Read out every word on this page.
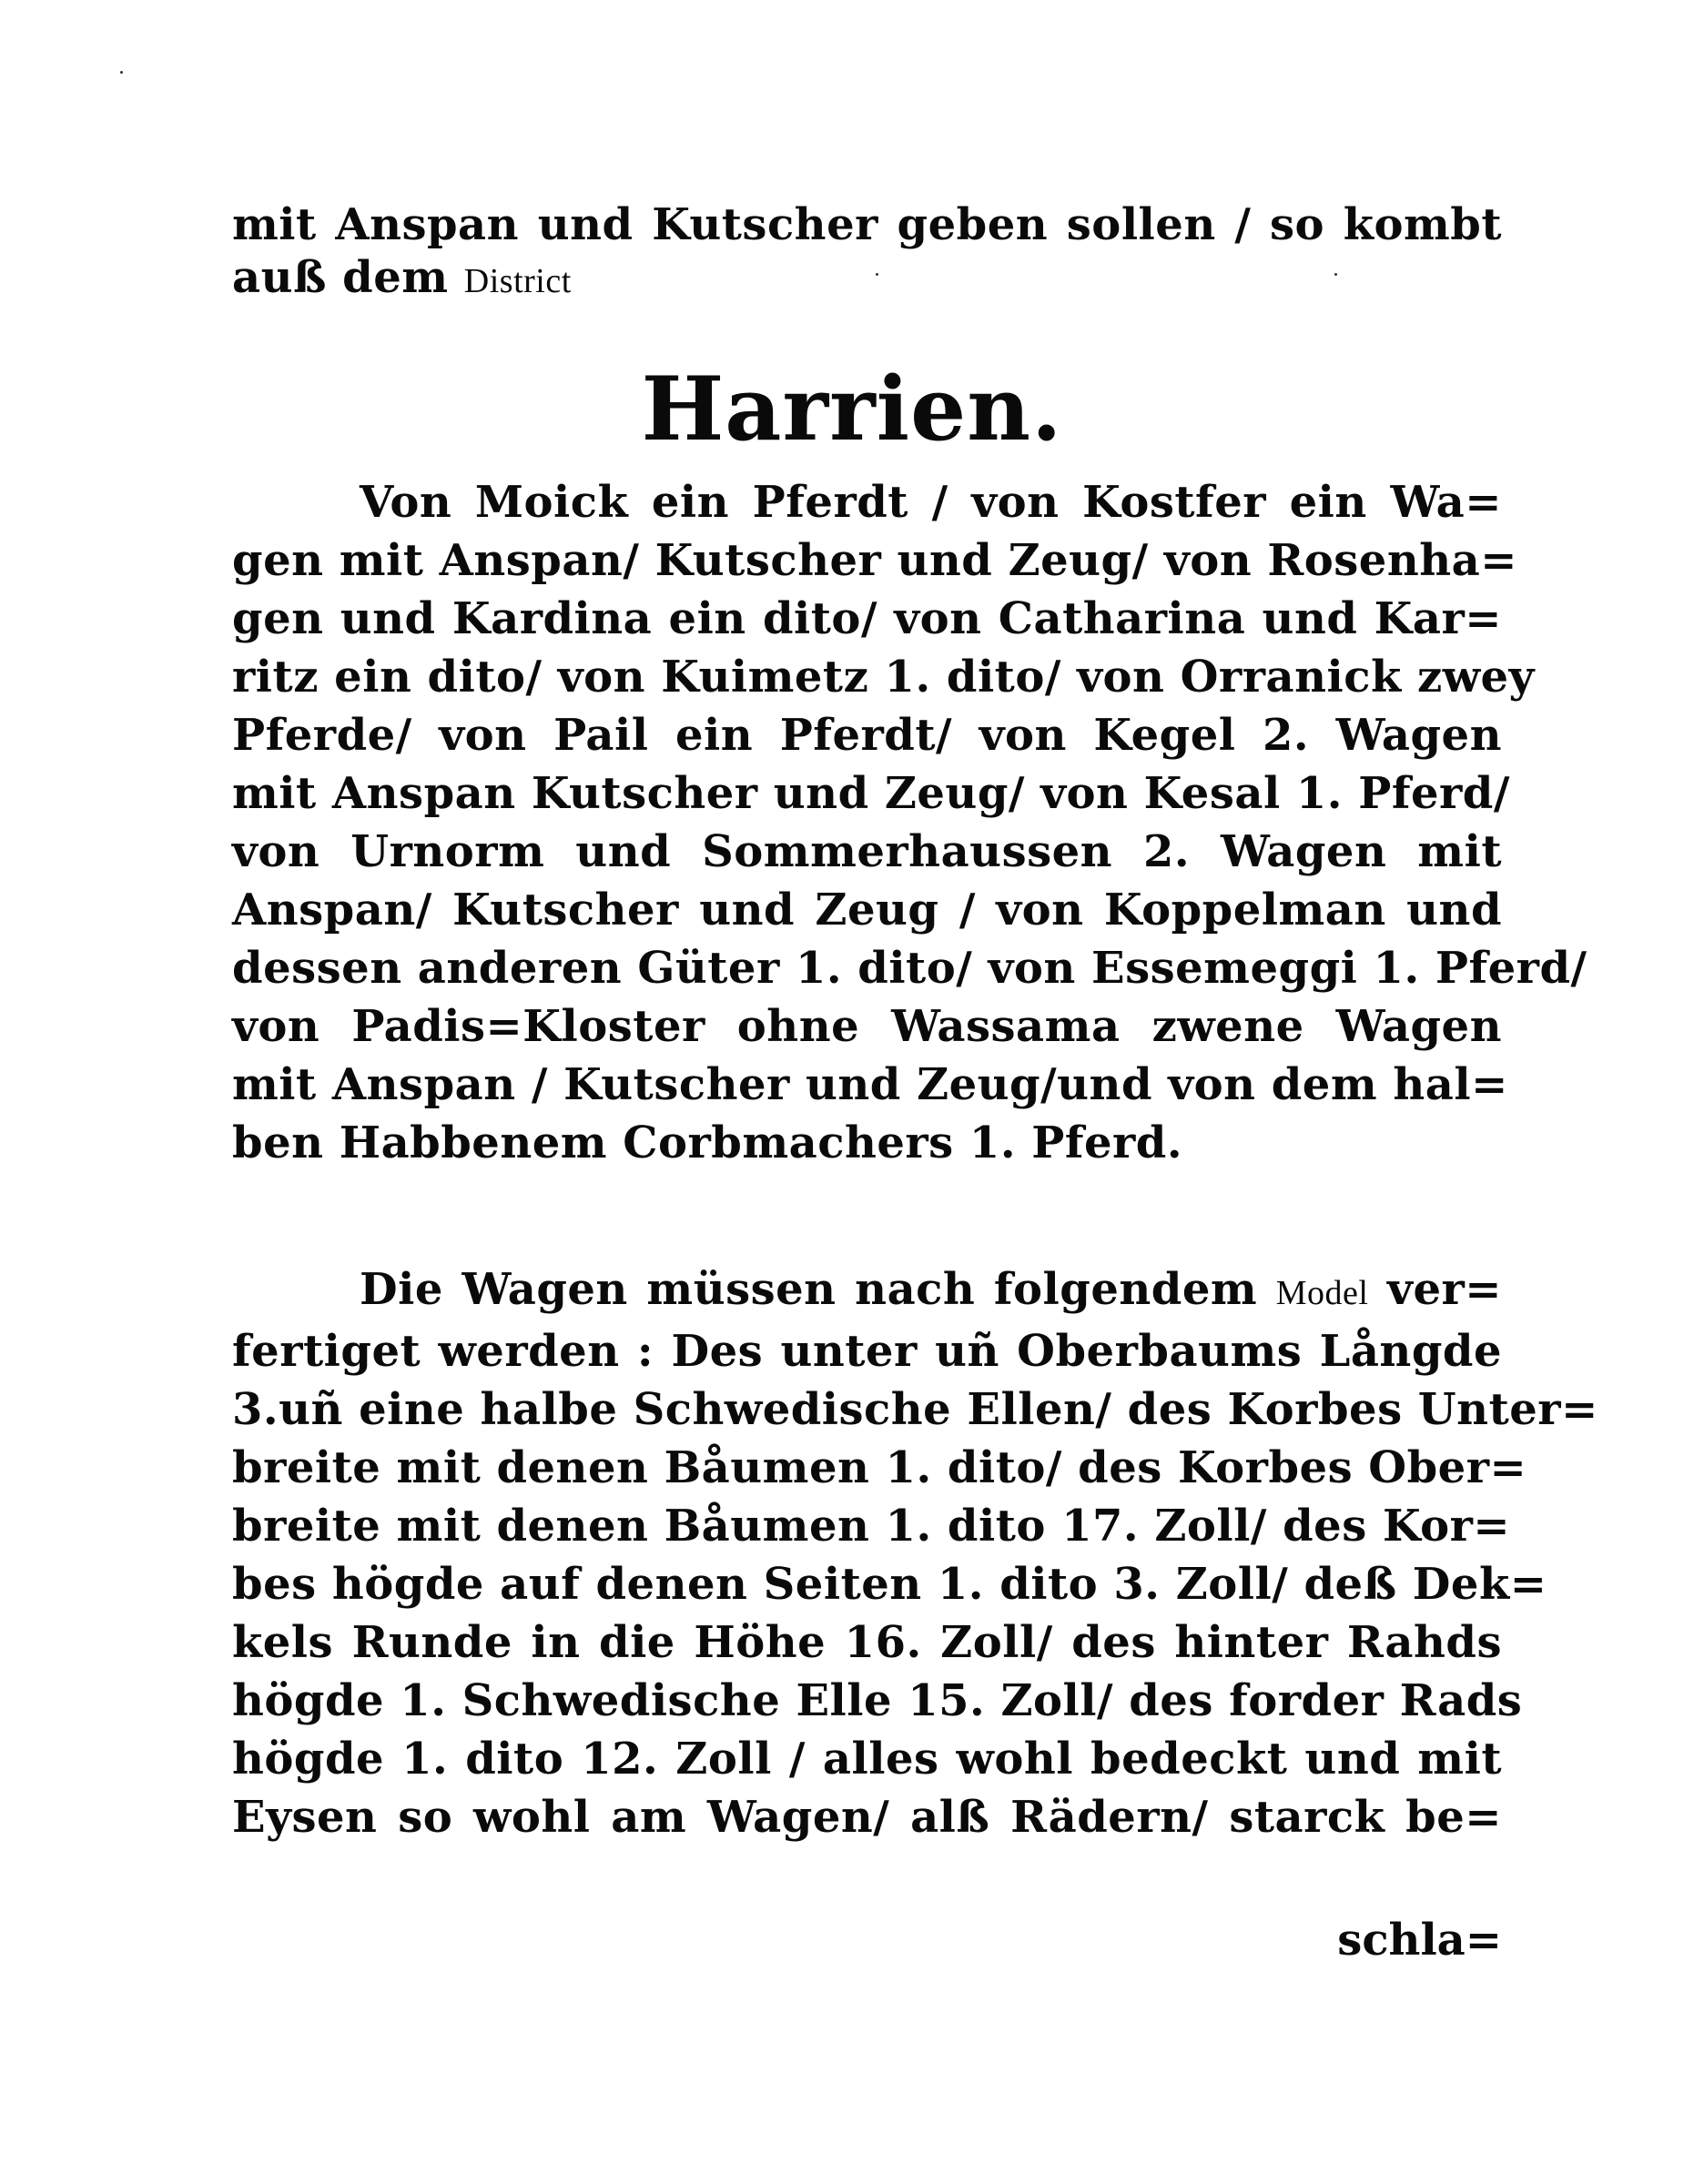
mit Anspan und Kutscher geben sollen / so kombt
auß dem District
Harrien.
Von Moick ein Pferdt / von Kostfer ein Wa=
gen mit Anspan/ Kutscher und Zeug/ von Rosenha=
gen und Kardina ein dito/ von Catharina und Kar=
ritz ein dito/ von Kuimetz 1. dito/ von Orranick zwey
Pferde/ von Pail ein Pferdt/ von Kegel 2. Wagen
mit Anspan Kutscher und Zeug/ von Kesal 1. Pferd/
von Urnorm und Sommerhaussen 2. Wagen mit
Anspan/ Kutscher und Zeug / von Koppelman und
dessen anderen Güter 1. dito/ von Essemeggi 1. Pferd/
von Padis=Kloster ohne Wassama zwene Wagen
mit Anspan / Kutscher und Zeug/und von dem hal=
ben Habbenem Corbmachers 1. Pferd.
Die Wagen müssen nach folgendem Model ver=
fertiget werden : Des unter uñ Oberbaums Långde
3.uñ eine halbe Schwedische Ellen/ des Korbes Unter=
breite mit denen Båumen 1. dito/ des Korbes Ober=
breite mit denen Båumen 1. dito 17. Zoll/ des Kor=
bes högde auf denen Seiten 1. dito 3. Zoll/ deß Dek=
kels Runde in die Höhe 16. Zoll/ des hinter Rahds
högde 1. Schwedische Elle 15. Zoll/ des forder Rads
högde 1. dito 12. Zoll / alles wohl bedeckt und mit
Eysen so wohl am Wagen/ alß Rädern/ starck be=
schla=
